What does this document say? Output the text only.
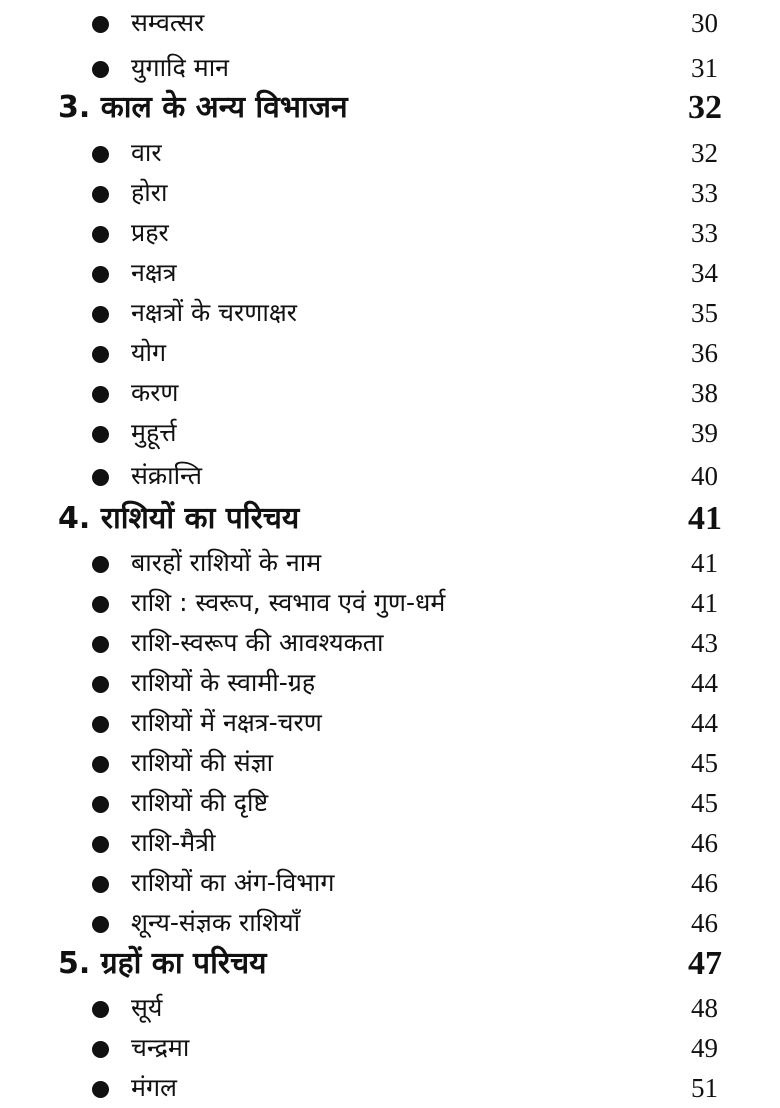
सम्वत्सर	30
युगादि मान	31
3. काल के अन्य विभाजन	32
वार	32
होरा	33
प्रहर	33
नक्षत्र	34
नक्षत्रों के चरणाक्षर	35
योग	36
करण	38
मुहूर्त्त	39
संक्रान्ति	40
4. राशियों का परिचय	41
बारहों राशियों के नाम	41
राशि : स्वरूप, स्वभाव एवं गुण-धर्म	41
राशि-स्वरूप की आवश्यकता	43
राशियों के स्वामी-ग्रह	44
राशियों में नक्षत्र-चरण	44
राशियों की संज्ञा	45
राशियों की दृष्टि	45
राशि-मैत्री	46
राशियों का अंग-विभाग	46
शून्य-संज्ञक राशियाँ	46
5. ग्रहों का परिचय	47
सूर्य	48
चन्द्रमा	49
मंगल	51
